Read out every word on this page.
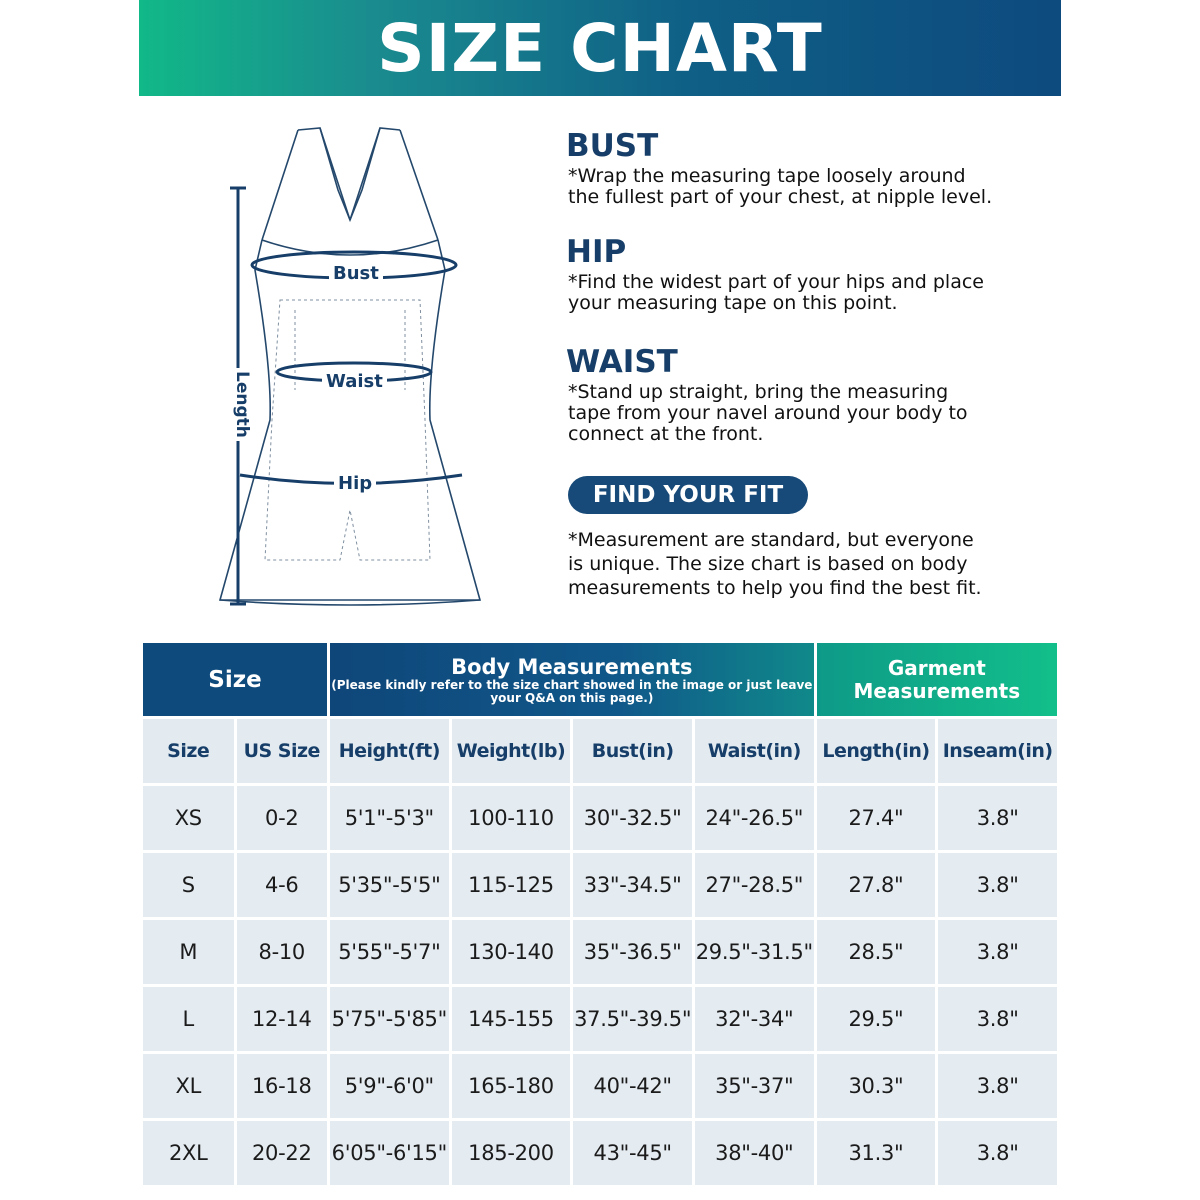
SIZE CHART
Bust
Waist
Hip
Length
BUST
*Wrap the measuring tape loosely around
the fullest part of your chest, at nipple level.
HIP
*Find the widest part of your hips and place
your measuring tape on this point.
WAIST
*Stand up straight, bring the measuring
tape from your navel around your body to
connect at the front.
FIND YOUR FIT
*Measurement are standard, but everyone
is unique. The size chart is based on body
measurements to help you find the best fit.
Size		Body Measurements
(Please kindly refer to the size chart showed in the image or just leave your Q&A on this page.)				Garment Measurements	
Size	US Size	Height(ft)	Weight(lb)	Bust(in)	Waist(in)	Length(in)	Inseam(in)
XS	0-2	5'1"-5'3"	100-110	30"-32.5"	24"-26.5"	27.4"	3.8"
S	4-6	5'35"-5'5"	115-125	33"-34.5"	27"-28.5"	27.8"	3.8"
M	8-10	5'55"-5'7"	130-140	35"-36.5"	29.5"-31.5"	28.5"	3.8"
L	12-14	5'75"-5'85"	145-155	37.5"-39.5"	32"-34"	29.5"	3.8"
XL	16-18	5'9"-6'0"	165-180	40"-42"	35"-37"	30.3"	3.8"
2XL	20-22	6'05"-6'15"	185-200	43"-45"	38"-40"	31.3"	3.8"
